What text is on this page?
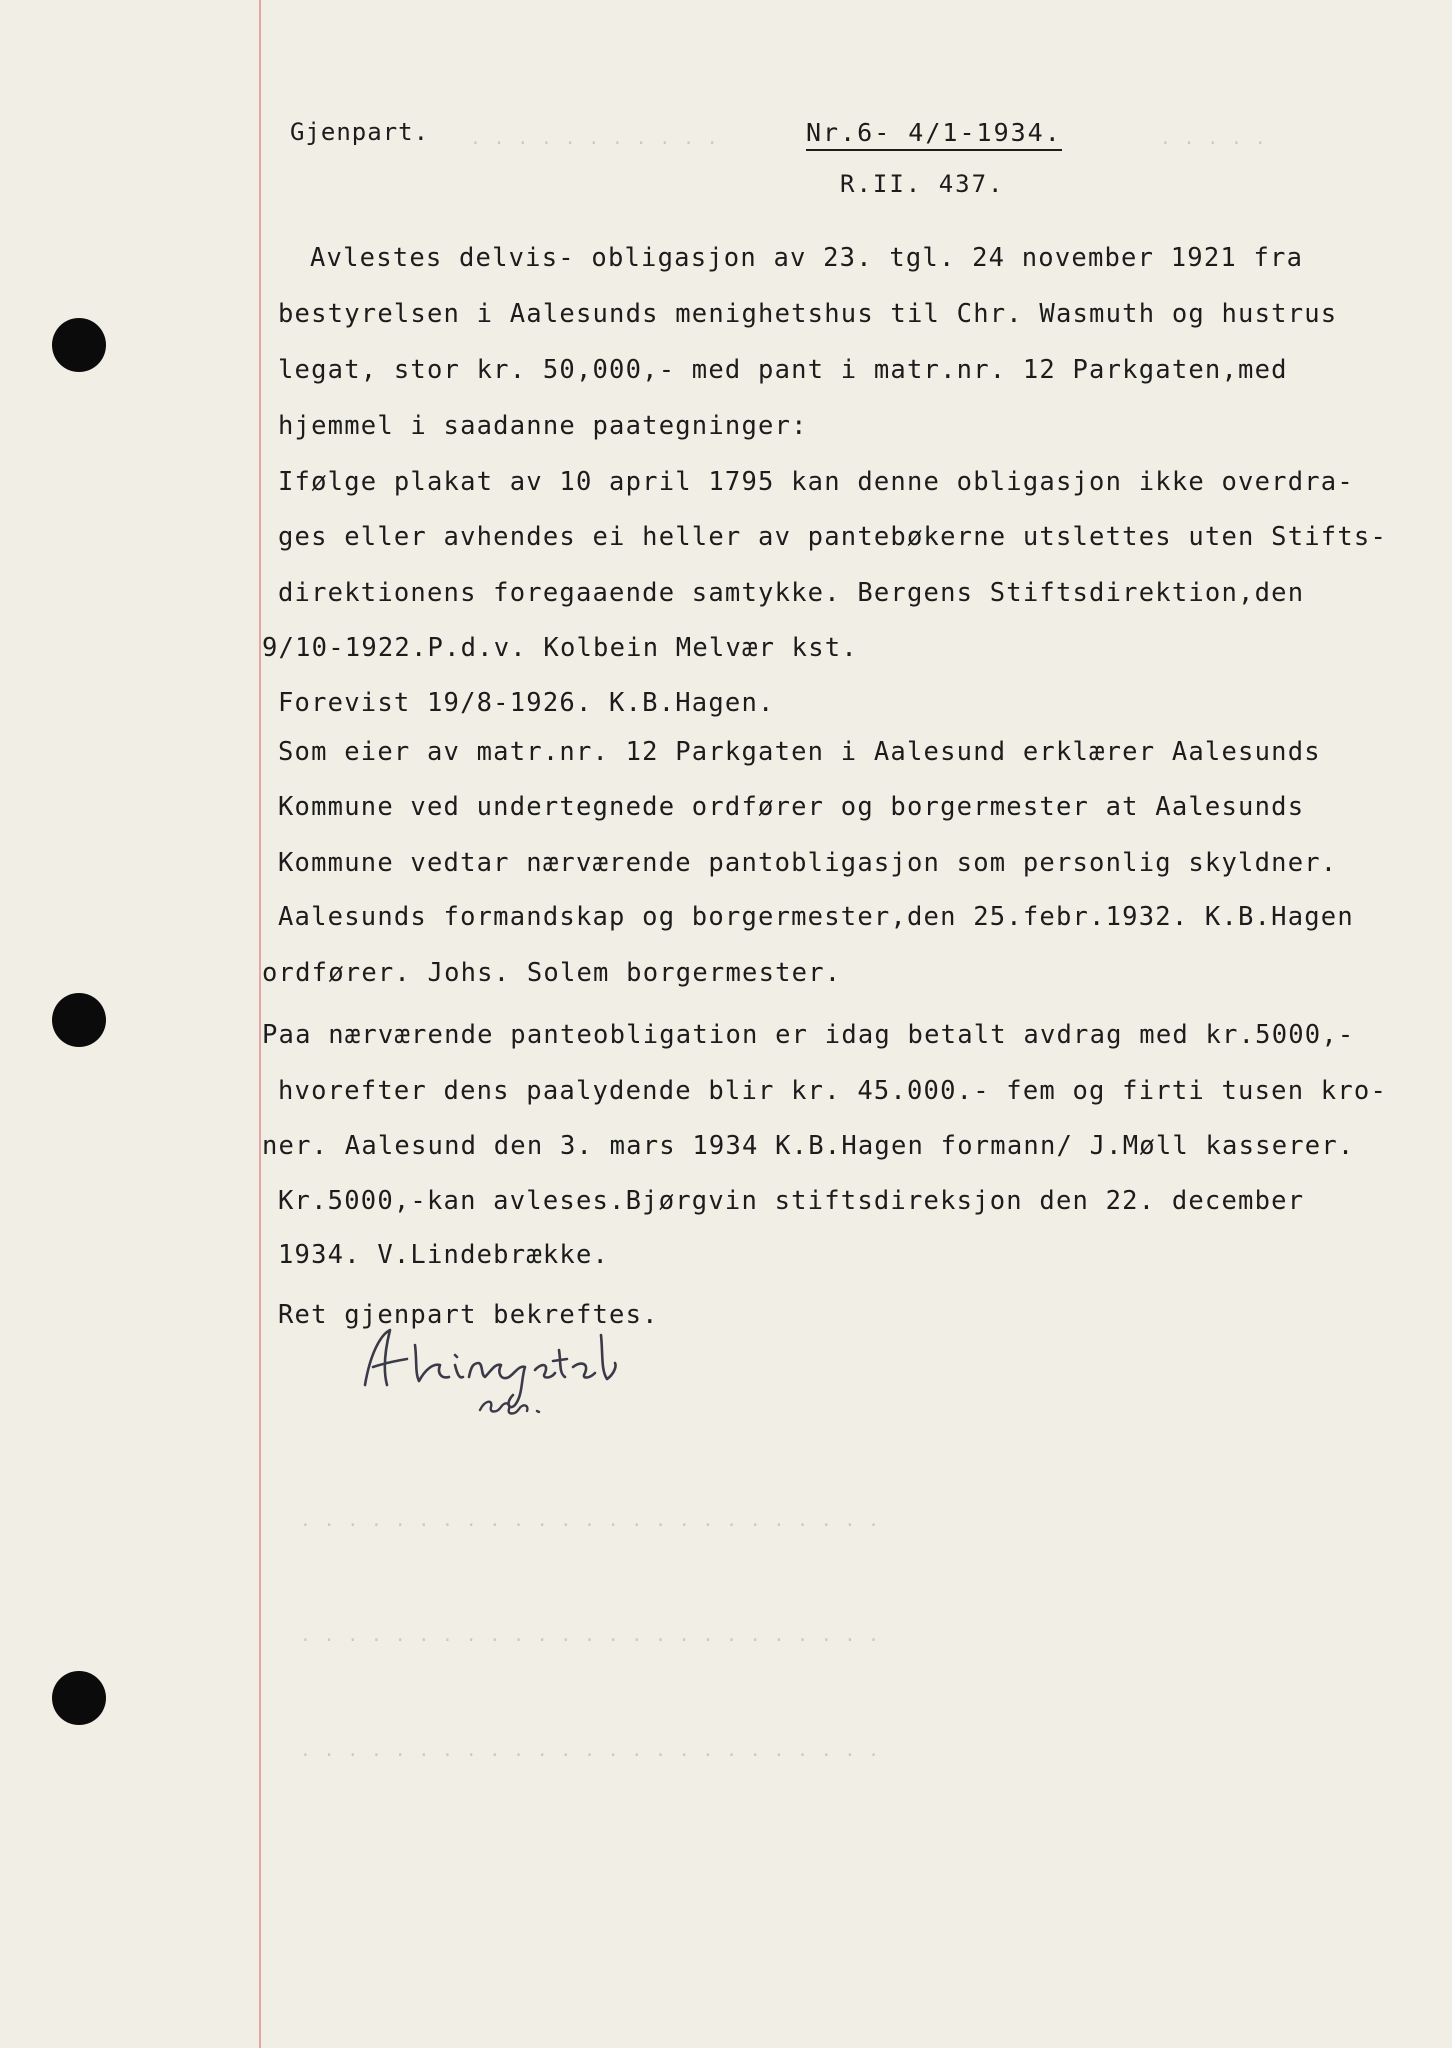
. . . . . . . . . . .	. . . . .
. . . . . . . . . . . . . . . . . . . . . . . . .
. . . . . . . . . . . . . . . . . . . . . . . . .
. . . . . . . . . . . . . . . . . . . . . . . . .
Gjenpart.	Nr.6- 4/1-1934.
R.II. 437.
Avlestes delvis- obligasjon av 23. tgl. 24 november 1921 fra
bestyrelsen i Aalesunds menighetshus til Chr. Wasmuth og hustrus
legat, stor kr. 50,000,- med pant i matr.nr. 12 Parkgaten,med
hjemmel i saadanne paategninger:
Ifølge plakat av 10 april 1795 kan denne obligasjon ikke overdra-
ges eller avhendes ei heller av pantebøkerne utslettes uten Stifts-
direktionens foregaaende samtykke. Bergens Stiftsdirektion,den
9/10-1922.P.d.v. Kolbein Melvær kst.
Forevist 19/8-1926. K.B.Hagen.
Som eier av matr.nr. 12 Parkgaten i Aalesund erklærer Aalesunds
Kommune ved undertegnede ordfører og borgermester at Aalesunds
Kommune vedtar nærværende pantobligasjon som personlig skyldner.
Aalesunds formandskap og borgermester,den 25.febr.1932. K.B.Hagen
ordfører. Johs. Solem borgermester.
Paa nærværende panteobligation er idag betalt avdrag med kr.5000,-
hvorefter dens paalydende blir kr. 45.000.- fem og firti tusen kro-
ner. Aalesund den 3. mars 1934 K.B.Hagen formann/ J.Møll kasserer.
Kr.5000,-kan avleses.Bjørgvin stiftsdireksjon den 22. december
1934. V.Lindebrække.
Ret gjenpart bekreftes.
